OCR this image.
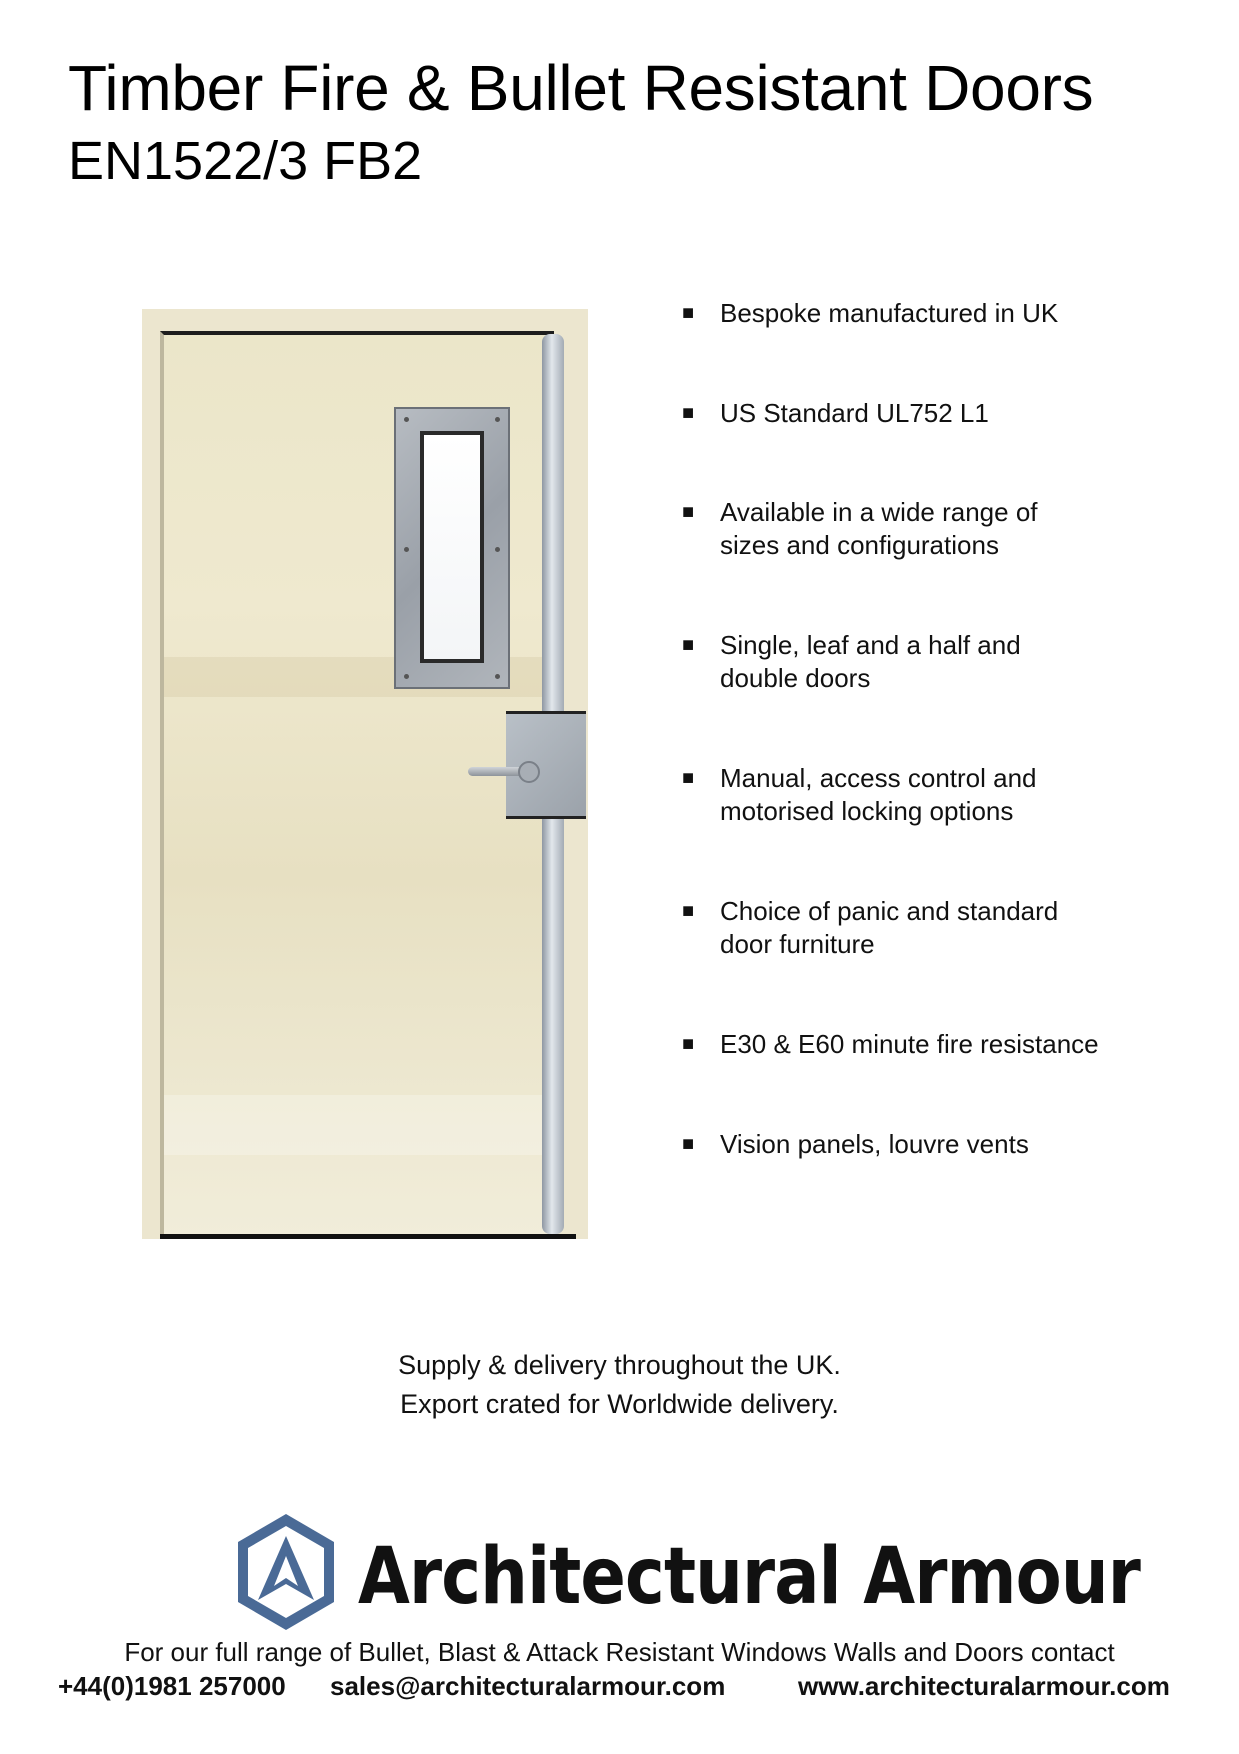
Timber Fire & Bullet Resistant Doors
EN1522/3 FB2
■ Bespoke manufactured in UK
■ US Standard UL752 L1
■ Available in a wide range of
sizes and configurations
■ Single, leaf and a half and
double doors
■ Manual, access control and
motorised locking options
■ Choice of panic and standard
door furniture
■ E30 & E60 minute fire resistance
■ Vision panels, louvre vents
Supply & delivery throughout the UK.
Export crated for Worldwide delivery.
Architectural Armour
For our full range of Bullet, Blast & Attack Resistant Windows Walls and Doors contact
+44(0)1981 257000 sales@architecturalarmour.com	www.architecturalarmour.com
